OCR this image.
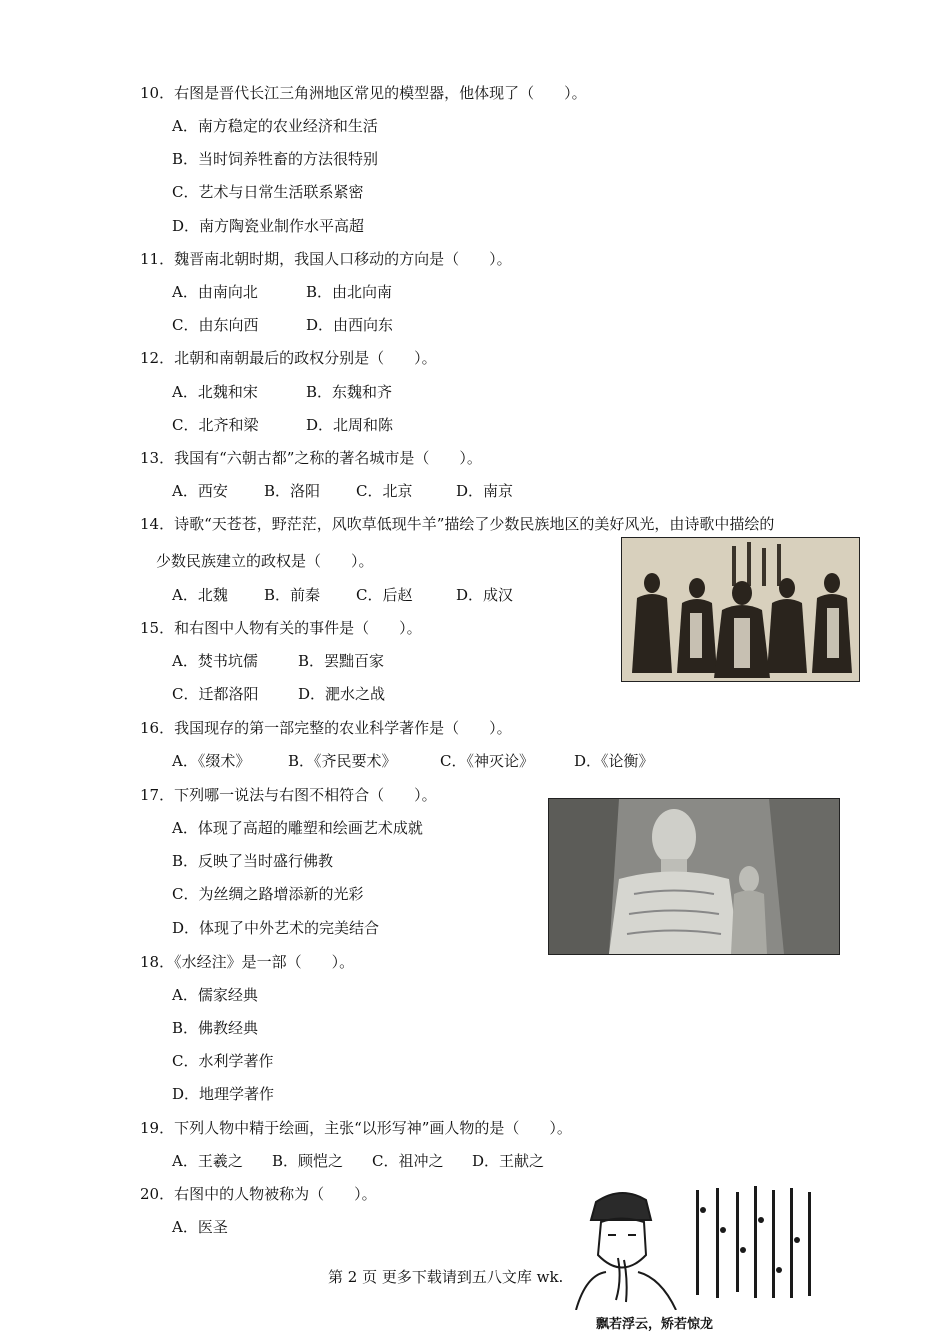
10．右图是晋代长江三角洲地区常见的模型器，他体现了（　　）。
A．南方稳定的农业经济和生活
B．当时饲养牲畜的方法很特别
C．艺术与日常生活联系紧密
D．南方陶瓷业制作水平高超
11．魏晋南北朝时期，我国人口移动的方向是（　　）。
A．由南向北	B．由北向南
C．由东向西	D．由西向东
12．北朝和南朝最后的政权分别是（　　）。
A．北魏和宋	B．东魏和齐
C．北齐和梁	D．北周和陈
13．我国有“六朝古都”之称的著名城市是（　　）。
A．西安 B．洛阳 C．北京	D．南京
14．诗歌“天苍苍，野茫茫，风吹草低现牛羊”描绘了少数民族地区的美好风光，由诗歌中描绘的
少数民族建立的政权是（　　）。
A．北魏 B．前秦 C．后赵	D．成汉
15．和右图中人物有关的事件是（　　）。
A．焚书坑儒	B．罢黜百家
C．迁都洛阳	D．淝水之战
16．我国现存的第一部完整的农业科学著作是（　　）。
A．《缀术》	B．《齐民要术》	C．《神灭论》	D．《论衡》
17．下列哪一说法与右图不相符合（　　）。
A．体现了高超的雕塑和绘画艺术成就
B．反映了当时盛行佛教
C．为丝绸之路增添新的光彩
D．体现了中外艺术的完美结合
18．《水经注》是一部（　　）。
A．儒家经典
B．佛教经典
C．水利学著作
D．地理学著作
19．下列人物中精于绘画，主张“以形写神”画人物的是（　　）。
A．王羲之 B．顾恺之 C．祖冲之 D．王献之
20．右图中的人物被称为（　　）。
A．医圣
第 2 页 更多下载请到五八文库 wk.
飘若浮云，矫若惊龙
